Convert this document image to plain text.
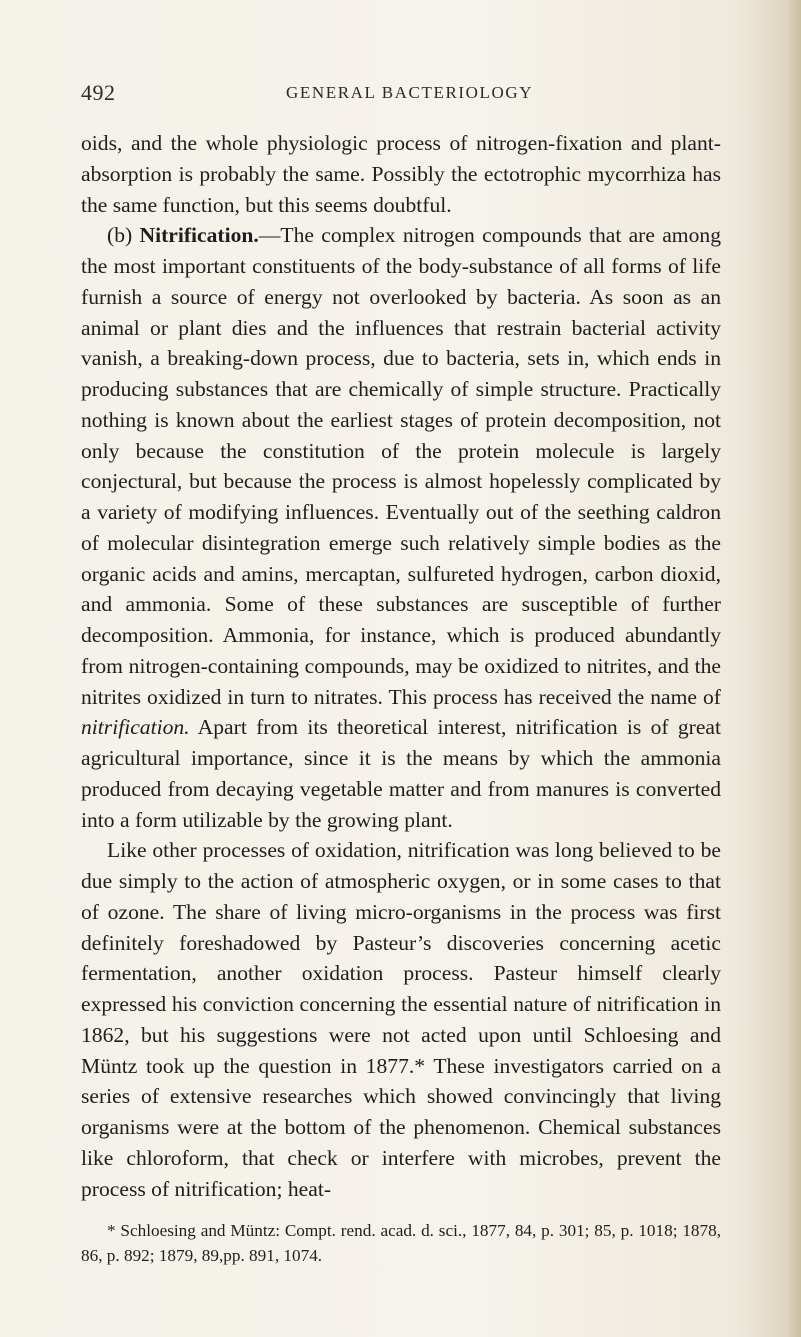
492	GENERAL BACTERIOLOGY

oids, and the whole physiologic process of nitrogen-fixation and plant-absorption is probably the same. Possibly the ectotrophic mycorrhiza has the same function, but this seems doubtful.

(b) Nitrification.—The complex nitrogen compounds that are among the most important constituents of the body-substance of all forms of life furnish a source of energy not overlooked by bacteria. As soon as an animal or plant dies and the influences that restrain bacterial activity vanish, a breaking-down process, due to bacteria, sets in, which ends in producing substances that are chemically of simple structure. Practically nothing is known about the earliest stages of protein decomposition, not only because the constitution of the protein molecule is largely conjectural, but because the process is almost hopelessly complicated by a variety of modifying influences. Eventually out of the seething caldron of molecular disintegration emerge such relatively simple bodies as the organic acids and amins, mercaptan, sulfureted hydrogen, carbon dioxid, and ammonia. Some of these substances are susceptible of further decomposition. Ammonia, for instance, which is produced abundantly from nitrogen-containing compounds, may be oxidized to nitrites, and the nitrites oxidized in turn to nitrates. This process has received the name of nitrification. Apart from its theoretical interest, nitrification is of great agricultural importance, since it is the means by which the ammonia produced from decaying vegetable matter and from manures is converted into a form utilizable by the growing plant.

Like other processes of oxidation, nitrification was long believed to be due simply to the action of atmospheric oxygen, or in some cases to that of ozone. The share of living micro-organisms in the process was first definitely foreshadowed by Pasteur’s discoveries concerning acetic fermentation, another oxidation process. Pasteur himself clearly expressed his conviction concerning the essential nature of nitrification in 1862, but his suggestions were not acted upon until Schloesing and Müntz took up the question in 1877.* These investigators carried on a series of extensive researches which showed convincingly that living organisms were at the bottom of the phenomenon. Chemical substances like chloroform, that check or interfere with microbes, prevent the process of nitrification; heat-

* Schloesing and Müntz: Compt. rend. acad. d. sci., 1877, 84, p. 301; 85, p. 1018; 1878, 86, p. 892; 1879, 89,pp. 891, 1074.
